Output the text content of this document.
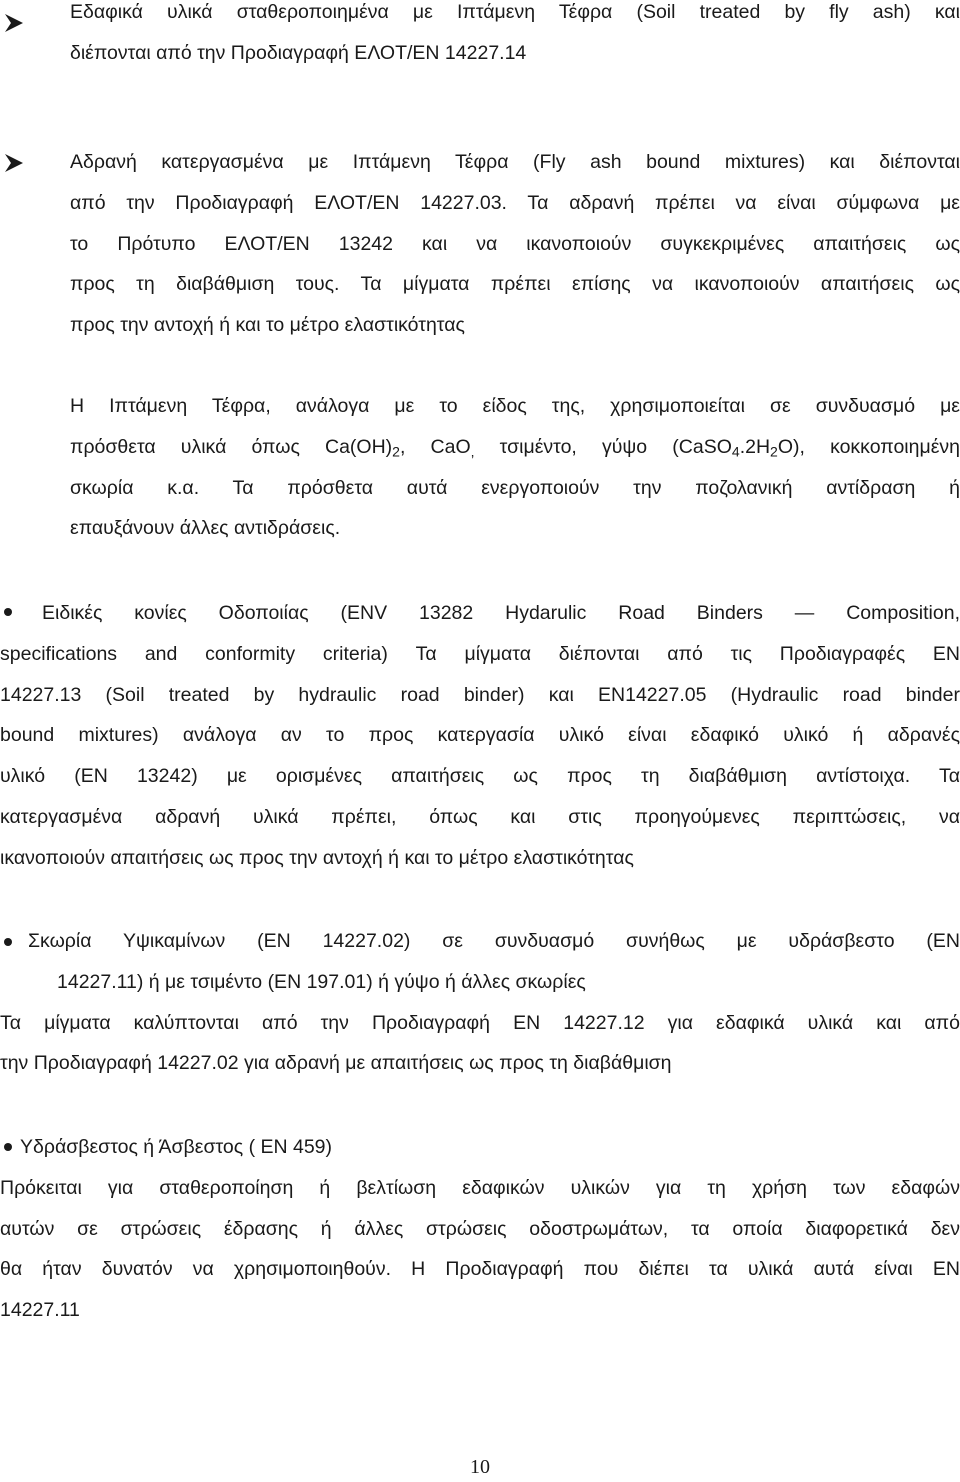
Εδαφικά υλικά σταθεροποιημένα με Ιπτάμενη Τέφρα (Soil treated by fly ash) και
διέπονται από την Προδιαγραφή ΕΛΟΤ/ΕΝ 14227.14
Αδρανή κατεργασμένα με Ιπτάμενη Τέφρα (Fly ash bound mixtures) και διέπονται
από την Προδιαγραφή ΕΛΟΤ/ΕΝ 14227.03. Τα αδρανή πρέπει να είναι σύμφωνα με
το Πρότυπο ΕΛΟΤ/ΕΝ 13242 και να ικανοποιούν συγκεκριμένες απαιτήσεις ως
προς τη διαβάθμιση τους. Τα μίγματα πρέπει επίσης να ικανοποιούν απαιτήσεις ως
προς την αντοχή ή και το μέτρο ελαστικότητας
Η Ιπτάμενη Τέφρα, ανάλογα με το είδος της, χρησιμοποιείται σε συνδυασμό με
πρόσθετα υλικά όπως $Ca(OH)_2$, CaO$_,$ τσιμέντο, γύψο $(CaSO_4.2H_2O)$, κοκκοποιημένη
σκωρία κ.α. Τα πρόσθετα αυτά ενεργοποιούν την ποζολανική αντίδραση ή
επαυξάνουν άλλες αντιδράσεις.
Ειδικές κονίες Οδοποιίας (ENV 13282 Hydarulic Road Binders — Composition,
specifications and conformity criteria) Τα μίγματα διέπονται από τις Προδιαγραφές ΕΝ
14227.13 (Soil treated by hydraulic road binder) και ΕΝ14227.05 (Hydraulic road binder
bound mixtures) ανάλογα αν το προς κατεργασία υλικό είναι εδαφικό υλικό ή αδρανές
υλικό (ΕΝ 13242) με ορισμένες απαιτήσεις ως προς τη διαβάθμιση αντίστοιχα. Τα
κατεργασμένα αδρανή υλικά πρέπει, όπως και στις προηγούμενες περιπτώσεις, να
ικανοποιούν απαιτήσεις ως προς την αντοχή ή και το μέτρο ελαστικότητας
Σκωρία Υψικαμίνων (ΕΝ 14227.02) σε συνδυασμό συνήθως με υδράσβεστο (ΕΝ
14227.11) ή με τσιμέντο (ΕΝ 197.01) ή γύψο ή άλλες σκωρίες
Τα μίγματα καλύπτονται από την Προδιαγραφή ΕΝ 14227.12 για εδαφικά υλικά και από
την Προδιαγραφή 14227.02 για αδρανή με απαιτήσεις ως προς τη διαβάθμιση
Υδράσβεστος ή Άσβεστος ( ΕΝ 459)
Πρόκειται για σταθεροποίηση ή βελτίωση εδαφικών υλικών για τη χρήση των εδαφών
αυτών σε στρώσεις έδρασης ή άλλες στρώσεις οδοστρωμάτων, τα οποία διαφορετικά δεν
θα ήταν δυνατόν να χρησιμοποιηθούν. Η Προδιαγραφή που διέπει τα υλικά αυτά είναι ΕΝ
14227.11
10
